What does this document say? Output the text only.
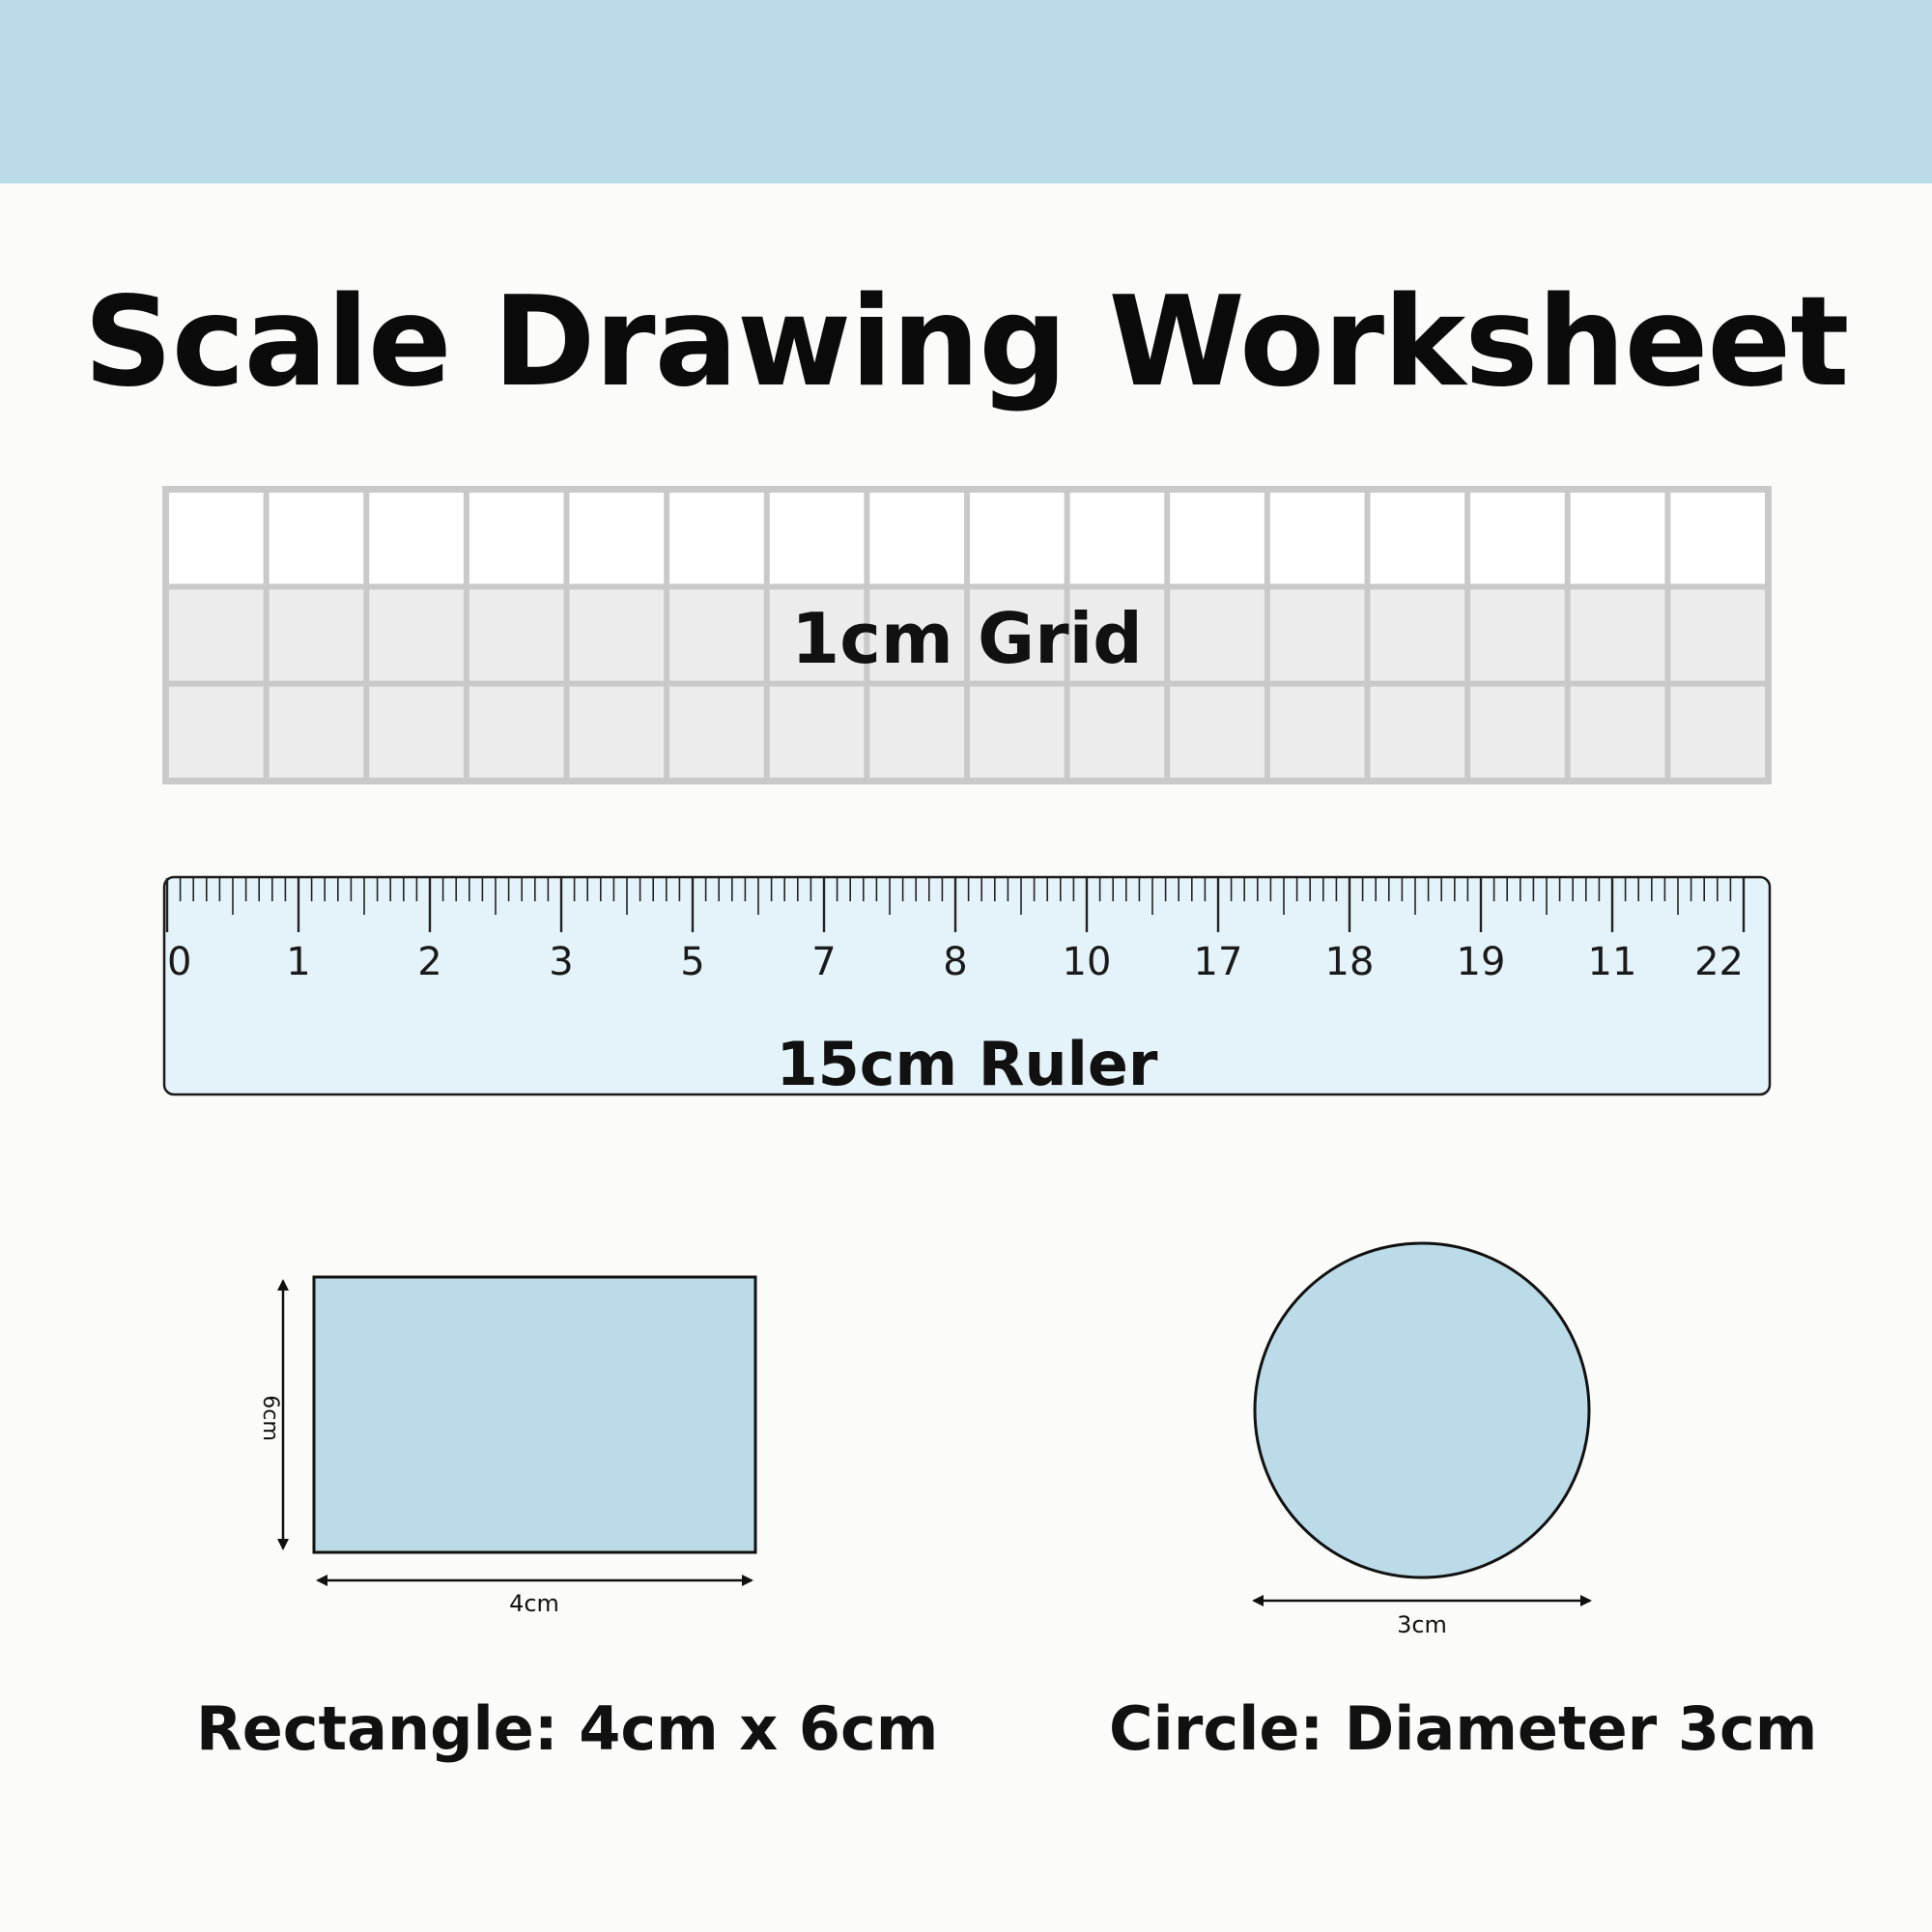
Scale Drawing Worksheet
1cm Grid
0 1	2	3	5	7	8 10 17 18 19 11 22
15cm Ruler
6cm
4cm
Rectangle: 4cm x 6cm
3cm
Circle: Diameter 3cm
